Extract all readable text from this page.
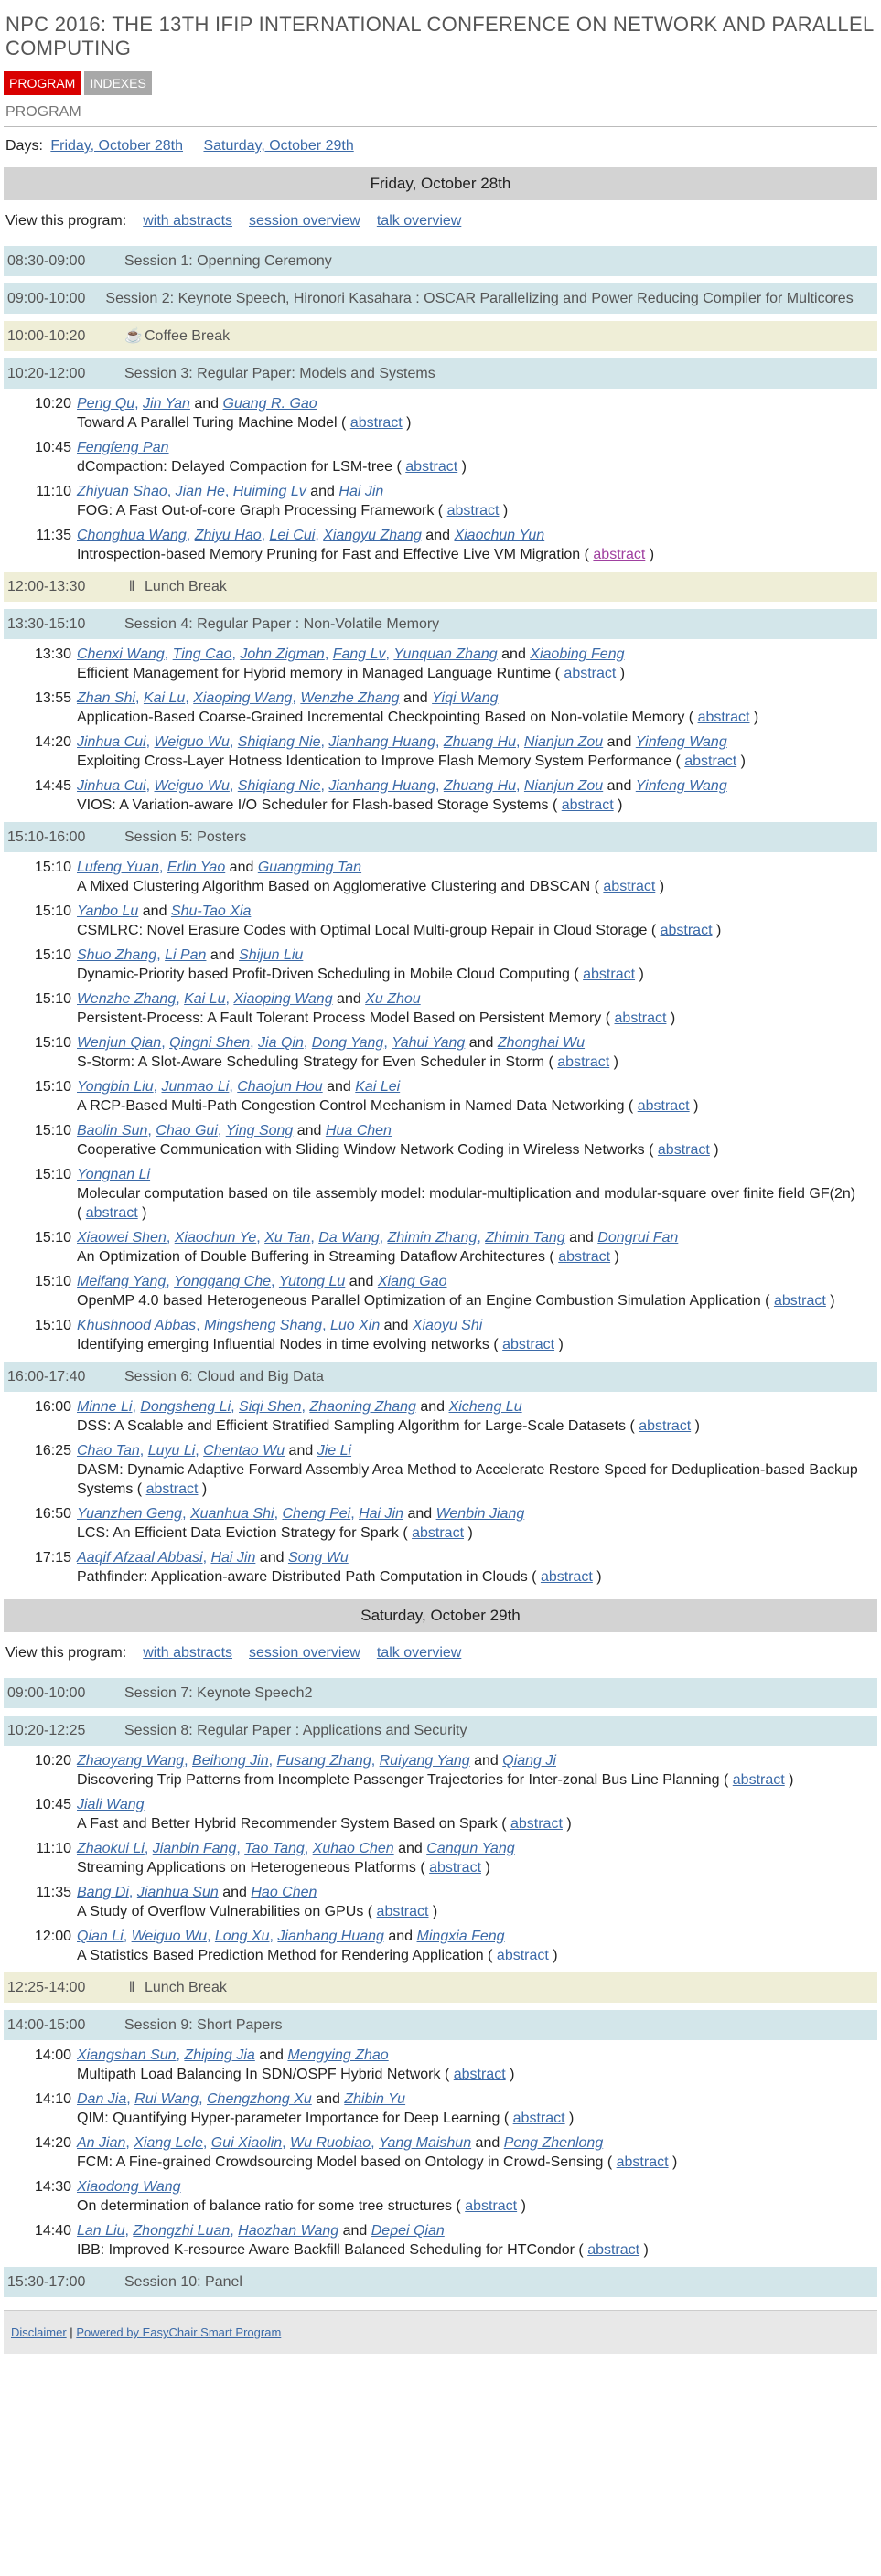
NPC 2016: THE 13TH IFIP INTERNATIONAL CONFERENCE ON NETWORK AND PARALLEL COMPUTING
PROGRAM	INDEXES
PROGRAM
Days: Friday, October 28th Saturday, October 29th
Friday, October 28th
View this program: with abstracts session overview talk overview
08:30-09:00	Session 1: Openning Ceremony
09:00-10:00 Session 2: Keynote Speech, Hironori Kasahara : OSCAR Parallelizing and Power Reducing Compiler for Multicores
10:00-10:20	☕ Coffee Break
10:20-12:00	Session 3: Regular Paper: Models and Systems
10:20 Peng Qu, Jin Yan and Guang R. Gao
Toward A Parallel Turing Machine Model ( abstract )
10:45 Fengfeng Pan
dCompaction: Delayed Compaction for LSM-tree ( abstract )
11:10 Zhiyuan Shao, Jian He, Huiming Lv and Hai Jin
FOG: A Fast Out-of-core Graph Processing Framework ( abstract )
11:35 Chonghua Wang, Zhiyu Hao, Lei Cui, Xiangyu Zhang and Xiaochun Yun
Introspection-based Memory Pruning for Fast and Effective Live VM Migration ( abstract )
12:00-13:30	‖ Lunch Break
13:30-15:10	Session 4: Regular Paper : Non-Volatile Memory
13:30 Chenxi Wang, Ting Cao, John Zigman, Fang Lv, Yunquan Zhang and Xiaobing Feng
Efficient Management for Hybrid memory in Managed Language Runtime ( abstract )
13:55 Zhan Shi, Kai Lu, Xiaoping Wang, Wenzhe Zhang and Yiqi Wang
Application-Based Coarse-Grained Incremental Checkpointing Based on Non-volatile Memory ( abstract )
14:20 Jinhua Cui, Weiguo Wu, Shiqiang Nie, Jianhang Huang, Zhuang Hu, Nianjun Zou and Yinfeng Wang
Exploiting Cross-Layer Hotness Identication to Improve Flash Memory System Performance ( abstract )
14:45 Jinhua Cui, Weiguo Wu, Shiqiang Nie, Jianhang Huang, Zhuang Hu, Nianjun Zou and Yinfeng Wang
VIOS: A Variation-aware I/O Scheduler for Flash-based Storage Systems ( abstract )
15:10-16:00	Session 5: Posters
15:10 Lufeng Yuan, Erlin Yao and Guangming Tan
A Mixed Clustering Algorithm Based on Agglomerative Clustering and DBSCAN ( abstract )
15:10 Yanbo Lu and Shu-Tao Xia
CSMLRC: Novel Erasure Codes with Optimal Local Multi-group Repair in Cloud Storage ( abstract )
15:10 Shuo Zhang, Li Pan and Shijun Liu
Dynamic-Priority based Profit-Driven Scheduling in Mobile Cloud Computing ( abstract )
15:10 Wenzhe Zhang, Kai Lu, Xiaoping Wang and Xu Zhou
Persistent-Process: A Fault Tolerant Process Model Based on Persistent Memory ( abstract )
15:10 Wenjun Qian, Qingni Shen, Jia Qin, Dong Yang, Yahui Yang and Zhonghai Wu
S-Storm: A Slot-Aware Scheduling Strategy for Even Scheduler in Storm ( abstract )
15:10 Yongbin Liu, Junmao Li, Chaojun Hou and Kai Lei
A RCP-Based Multi-Path Congestion Control Mechanism in Named Data Networking ( abstract )
15:10 Baolin Sun, Chao Gui, Ying Song and Hua Chen
Cooperative Communication with Sliding Window Network Coding in Wireless Networks ( abstract )
15:10 Yongnan Li
Molecular computation based on tile assembly model: modular-multiplication and modular-square over finite field GF(2n) ( abstract )
15:10 Xiaowei Shen, Xiaochun Ye, Xu Tan, Da Wang, Zhimin Zhang, Zhimin Tang and Dongrui Fan
An Optimization of Double Buffering in Streaming Dataflow Architectures ( abstract )
15:10 Meifang Yang, Yonggang Che, Yutong Lu and Xiang Gao
OpenMP 4.0 based Heterogeneous Parallel Optimization of an Engine Combustion Simulation Application ( abstract )
15:10 Khushnood Abbas, Mingsheng Shang, Luo Xin and Xiaoyu Shi
Identifying emerging Influential Nodes in time evolving networks ( abstract )
16:00-17:40	Session 6: Cloud and Big Data
16:00 Minne Li, Dongsheng Li, Siqi Shen, Zhaoning Zhang and Xicheng Lu
DSS: A Scalable and Efficient Stratified Sampling Algorithm for Large-Scale Datasets ( abstract )
16:25 Chao Tan, Luyu Li, Chentao Wu and Jie Li
DASM: Dynamic Adaptive Forward Assembly Area Method to Accelerate Restore Speed for Deduplication-based Backup Systems ( abstract )
16:50 Yuanzhen Geng, Xuanhua Shi, Cheng Pei, Hai Jin and Wenbin Jiang
LCS: An Efficient Data Eviction Strategy for Spark ( abstract )
17:15 Aaqif Afzaal Abbasi, Hai Jin and Song Wu
Pathfinder: Application-aware Distributed Path Computation in Clouds ( abstract )
Saturday, October 29th
View this program: with abstracts session overview talk overview
09:00-10:00	Session 7: Keynote Speech2
10:20-12:25	Session 8: Regular Paper : Applications and Security
10:20 Zhaoyang Wang, Beihong Jin, Fusang Zhang, Ruiyang Yang and Qiang Ji
Discovering Trip Patterns from Incomplete Passenger Trajectories for Inter-zonal Bus Line Planning ( abstract )
10:45 Jiali Wang
A Fast and Better Hybrid Recommender System Based on Spark ( abstract )
11:10 Zhaokui Li, Jianbin Fang, Tao Tang, Xuhao Chen and Canqun Yang
Streaming Applications on Heterogeneous Platforms ( abstract )
11:35 Bang Di, Jianhua Sun and Hao Chen
A Study of Overflow Vulnerabilities on GPUs ( abstract )
12:00 Qian Li, Weiguo Wu, Long Xu, Jianhang Huang and Mingxia Feng
A Statistics Based Prediction Method for Rendering Application ( abstract )
12:25-14:00	‖ Lunch Break
14:00-15:00	Session 9: Short Papers
14:00 Xiangshan Sun, Zhiping Jia and Mengying Zhao
Multipath Load Balancing In SDN/OSPF Hybrid Network ( abstract )
14:10 Dan Jia, Rui Wang, Chengzhong Xu and Zhibin Yu
QIM: Quantifying Hyper-parameter Importance for Deep Learning ( abstract )
14:20 An Jian, Xiang Lele, Gui Xiaolin, Wu Ruobiao, Yang Maishun and Peng Zhenlong
FCM: A Fine-grained Crowdsourcing Model based on Ontology in Crowd-Sensing ( abstract )
14:30 Xiaodong Wang
On determination of balance ratio for some tree structures ( abstract )
14:40 Lan Liu, Zhongzhi Luan, Haozhan Wang and Depei Qian
IBB: Improved K-resource Aware Backfill Balanced Scheduling for HTCondor ( abstract )
15:30-17:00	Session 10: Panel
Disclaimer | Powered by EasyChair Smart Program
